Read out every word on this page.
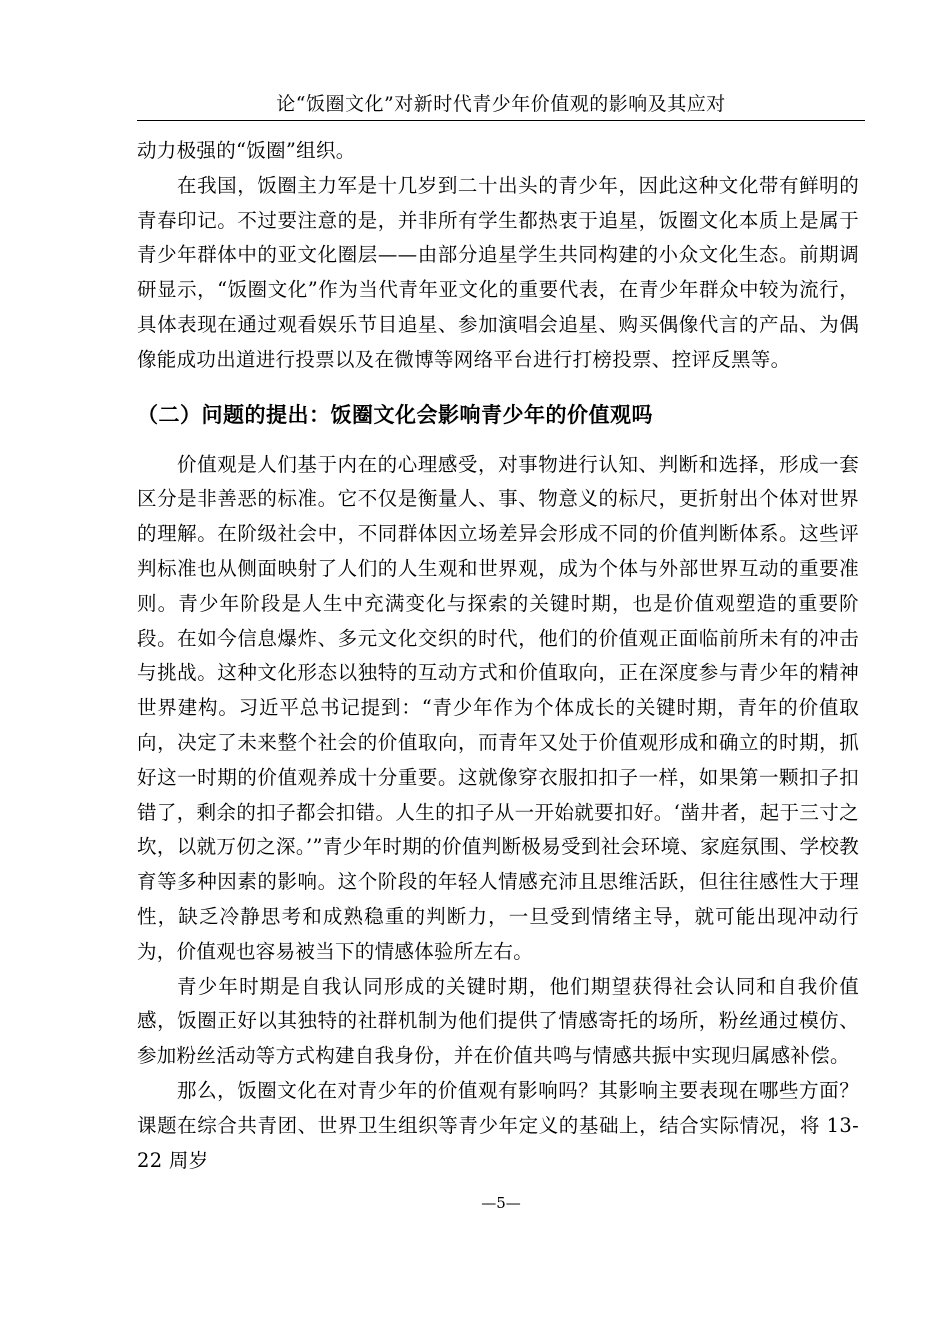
论“饭圈文化”对新时代青少年价值观的影响及其应对

动力极强的“饭圈”组织。

在我国，饭圈主力军是十几岁到二十出头的青少年，因此这种文化带有鲜明的青春印记。不过要注意的是，并非所有学生都热衷于追星，饭圈文化本质上是属于青少年群体中的亚文化圈层——由部分追星学生共同构建的小众文化生态。前期调研显示，“饭圈文化”作为当代青年亚文化的重要代表，在青少年群众中较为流行，具体表现在通过观看娱乐节目追星、参加演唱会追星、购买偶像代言的产品、为偶像能成功出道进行投票以及在微博等网络平台进行打榜投票、控评反黑等。

（二）问题的提出：饭圈文化会影响青少年的价值观吗

价值观是人们基于内在的心理感受，对事物进行认知、判断和选择，形成一套区分是非善恶的标准。它不仅是衡量人、事、物意义的标尺，更折射出个体对世界的理解。在阶级社会中，不同群体因立场差异会形成不同的价值判断体系。这些评判标准也从侧面映射了人们的人生观和世界观，成为个体与外部世界互动的重要准则。青少年阶段是人生中充满变化与探索的关键时期，也是价值观塑造的重要阶段。在如今信息爆炸、多元文化交织的时代，他们的价值观正面临前所未有的冲击与挑战。这种文化形态以独特的互动方式和价值取向，正在深度参与青少年的精神世界建构。习近平总书记提到：“青少年作为个体成长的关键时期，青年的价值取向，决定了未来整个社会的价值取向，而青年又处于价值观形成和确立的时期，抓好这一时期的价值观养成十分重要。这就像穿衣服扣扣子一样，如果第一颗扣子扣错了，剩余的扣子都会扣错。人生的扣子从一开始就要扣好。‘凿井者，起于三寸之坎，以就万仞之深。’”青少年时期的价值判断极易受到社会环境、家庭氛围、学校教育等多种因素的影响。这个阶段的年轻人情感充沛且思维活跃，但往往感性大于理性，缺乏冷静思考和成熟稳重的判断力，一旦受到情绪主导，就可能出现冲动行为，价值观也容易被当下的情感体验所左右。

青少年时期是自我认同形成的关键时期，他们期望获得社会认同和自我价值感，饭圈正好以其独特的社群机制为他们提供了情感寄托的场所，粉丝通过模仿、参加粉丝活动等方式构建自我身份，并在价值共鸣与情感共振中实现归属感补偿。

那么，饭圈文化在对青少年的价值观有影响吗？其影响主要表现在哪些方面？课题在综合共青团、世界卫生组织等青少年定义的基础上，结合实际情况，将 13-22 周岁

—5—
